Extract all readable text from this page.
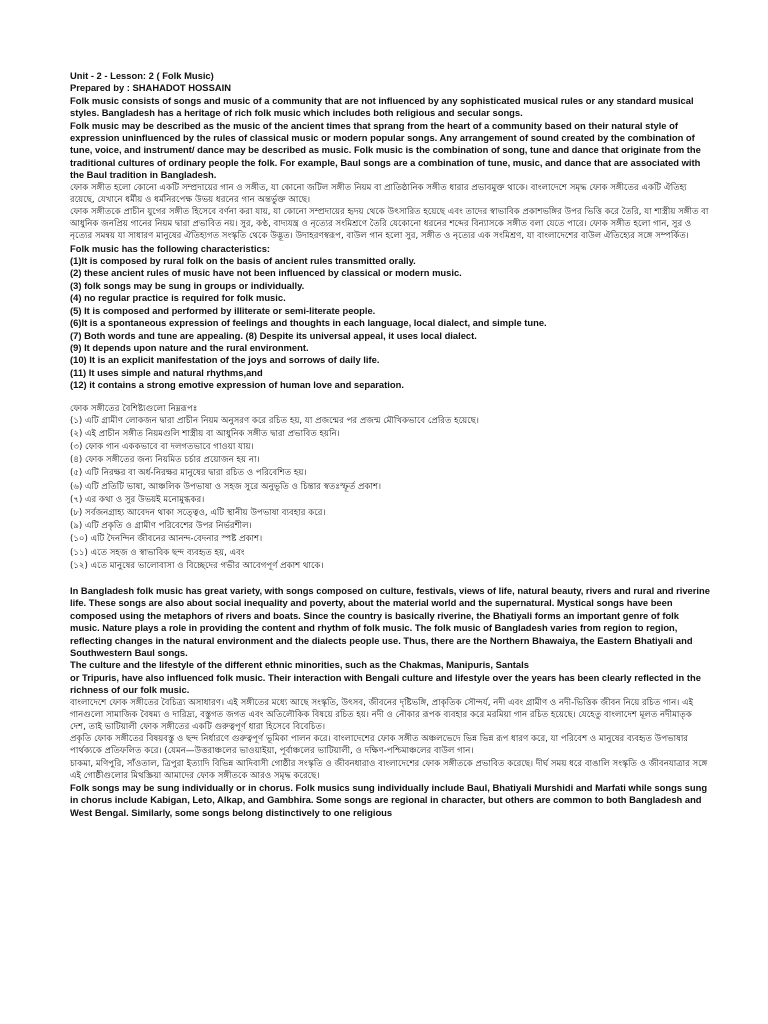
Unit - 2 - Lesson: 2 ( Folk Music)

Prepared by : SHAHADOT HOSSAIN

Folk music consists of songs and music of a community that are not influenced by any sophisticated musical rules or any standard musical styles. Bangladesh has a heritage of rich folk music which includes both religious and secular songs.

Folk music may be described as the music of the ancient times that sprang from the heart of a community based on their natural style of expression uninfluenced by the rules of classical music or modern popular songs. Any arrangement of sound created by the combination of tune, voice, and instrument/ dance may be described as music. Folk music is the combination of song, tune and dance that originate from the traditional cultures of ordinary people the folk. For example, Baul songs are a combination of tune, music, and dance that are associated with the Baul tradition in Bangladesh.

ফোক সঙ্গীত হলো কোনো একটি সম্প্রদায়ের গান ও সঙ্গীত, যা কোনো জটিল সঙ্গীত নিয়ম বা প্রাতিষ্ঠানিক সঙ্গীত ধারার প্রভাবমুক্ত থাকে। বাংলাদেশে সমৃদ্ধ ফোক সঙ্গীতের একটি ঐতিহ্য রয়েছে, যেখানে ধর্মীয় ও ধর্মনিরপেক্ষ উভয় ধরনের গান অন্তর্ভুক্ত আছে।

ফোক সঙ্গীতকে প্রাচীন যুগের সঙ্গীত হিসেবে বর্ণনা করা যায়, যা কোনো সম্প্রদায়ের হৃদয় থেকে উৎসারিত হয়েছে এবং তাদের স্বাভাবিক প্রকাশভঙ্গির উপর ভিত্তি করে তৈরি, যা শাস্ত্রীয় সঙ্গীত বা আধুনিক জনপ্রিয় গানের নিয়ম দ্বারা প্রভাবিত নয়। সুর, কণ্ঠ, বাদ্যযন্ত্র ও নৃত্যের সংমিশ্রণে তৈরি যেকোনো ধরনের শব্দের বিন্যাসকে সঙ্গীত বলা যেতে পারে। ফোক সঙ্গীত হলো গান, সুর ও নৃত্যের সমন্বয় যা সাধারণ মানুষের ঐতিহ্যগত সংস্কৃতি থেকে উদ্ভূত। উদাহরণস্বরূপ, বাউল গান হলো সুর, সঙ্গীত ও নৃত্যের এক সংমিশ্রণ, যা বাংলাদেশের বাউল ঐতিহ্যের সঙ্গে সম্পর্কিত।

Folk music has the following characteristics:

(1)It is composed by rural folk on the basis of ancient rules transmitted orally.
(2) these ancient rules of music have not been influenced by classical or modern music.
(3) folk songs may be sung in groups or individually.
(4) no regular practice is required for folk music.
(5) It is composed and performed by illiterate or semi-literate people.
(6)It is a spontaneous expression of feelings and thoughts in each language, local dialect, and simple tune.
(7) Both words and tune are appealing. (8) Despite its universal appeal, it uses local dialect.
(9) It depends upon nature and the rural environment.
(10) It is an explicit manifestation of the joys and sorrows of daily life.
(11) It uses simple and natural rhythms,and
(12) it contains a strong emotive expression of human love and separation.

ফোক সঙ্গীতের বৈশিষ্ট্যগুলো নিম্নরূপঃ

(১) এটি গ্রামীণ লোকজন দ্বারা প্রাচীন নিয়ম অনুসরণ করে রচিত হয়, যা প্রজন্মের পর প্রজন্ম মৌখিকভাবে প্রেরিত হয়েছে।
(২) এই প্রাচীন সঙ্গীত নিয়মগুলি শাস্ত্রীয় বা আধুনিক সঙ্গীত দ্বারা প্রভাবিত হয়নি।
(৩) ফোক গান এককভাবে বা দলগতভাবে গাওয়া যায়।
(৪) ফোক সঙ্গীতের জন্য নিয়মিত চর্চার প্রয়োজন হয় না।
(৫) এটি নিরক্ষর বা অর্ধ-নিরক্ষর মানুষের দ্বারা রচিত ও পরিবেশিত হয়।
(৬) এটি প্রতিটি ভাষা, আঞ্চলিক উপভাষা ও সহজ সুরে অনুভূতি ও চিন্তার স্বতঃস্ফূর্ত প্রকাশ।
(৭) এর কথা ও সুর উভয়ই মনোমুগ্ধকর।
(৮) সর্বজনগ্রাহ্য আবেদন থাকা সত্ত্বেও, এটি স্থানীয় উপভাষা ব্যবহার করে।
(৯) এটি প্রকৃতি ও গ্রামীণ পরিবেশের উপর নির্ভরশীল।
(১০) এটি দৈনন্দিন জীবনের আনন্দ-বেদনার স্পষ্ট প্রকাশ।
(১১) এতে সহজ ও স্বাভাবিক ছন্দ ব্যবহৃত হয়, এবং
(১২) এতে মানুষের ভালোবাসা ও বিচ্ছেদের গভীর আবেগপূর্ণ প্রকাশ থাকে।

In Bangladesh folk music has great variety, with songs composed on culture, festivals, views of life, natural beauty, rivers and rural and riverine life. These songs are also about social inequality and poverty, about the material world and the supernatural. Mystical songs have been composed using the metaphors of rivers and boats. Since the country is basically riverine, the Bhatiyali forms an important genre of folk music. Nature plays a role in providing the content and rhythm of folk music. The folk music of Bangladesh varies from region to region, reflecting changes in the natural environment and the dialects people use. Thus, there are the Northern Bhawaiya, the Eastern Bhatiyali and Southwestern Baul songs.

The culture and the lifestyle of the different ethnic minorities, such as the Chakmas, Manipuris, Santals
or Tripuris, have also influenced folk music. Their interaction with Bengali culture and lifestyle over the years has been clearly reflected in the richness of our folk music.

বাংলাদেশে ফোক সঙ্গীতের বৈচিত্র্য অসাধারণ। এই সঙ্গীতের মধ্যে আছে সংস্কৃতি, উৎসব, জীবনের দৃষ্টিভঙ্গি, প্রাকৃতিক সৌন্দর্য, নদী এবং গ্রামীণ ও নদী-ভিত্তিক জীবন নিয়ে রচিত গান। এই গানগুলো সামাজিক বৈষম্য ও দারিদ্র্য, বস্তুগত জগত এবং অতিলৌকিক বিষয়ে রচিত হয়। নদী ও নৌকার রূপক ব্যবহার করে মরমিয়া গান রচিত হয়েছে। যেহেতু বাংলাদেশ মূলত নদীমাতৃক দেশ, তাই ভাটিয়ালী ফোক সঙ্গীতের একটি গুরুত্বপূর্ণ ধারা হিসেবে বিবেচিত।

প্রকৃতি ফোক সঙ্গীতের বিষয়বস্তু ও ছন্দ নির্ধারণে গুরুত্বপূর্ণ ভূমিকা পালন করে। বাংলাদেশের ফোক সঙ্গীত অঞ্চলভেদে ভিন্ন ভিন্ন রূপ ধারণ করে, যা পরিবেশ ও মানুষের ব্যবহৃত উপভাষার পার্থক্যকে প্রতিফলিত করে। (যেমন—উত্তরাঞ্চলের ভাওয়াইয়া, পূর্বাঞ্চলের ভাটিয়ালী, ও দক্ষিণ-পশ্চিমাঞ্চলের বাউল গান।

চাকমা, মণিপুরি, সাঁওতাল, ত্রিপুরা ইত্যাদি বিভিন্ন আদিবাসী গোষ্ঠীর সংস্কৃতি ও জীবনধারাও বাংলাদেশের ফোক সঙ্গীতকে প্রভাবিত করেছে। দীর্ঘ সময় ধরে বাঙালি সংস্কৃতি ও জীবনযাত্রার সঙ্গে এই গোষ্ঠীগুলোর মিথস্ক্রিয়া আমাদের ফোক সঙ্গীতকে আরও সমৃদ্ধ করেছে।

Folk songs may be sung individually or in chorus. Folk musics sung individually include Baul, Bhatiyali Murshidi and Marfati while songs sung in chorus include Kabigan, Leto, Alkap, and Gambhira. Some songs are regional in character, but others are common to both Bangladesh and West Bengal. Similarly, some songs belong distinctively to one religious
